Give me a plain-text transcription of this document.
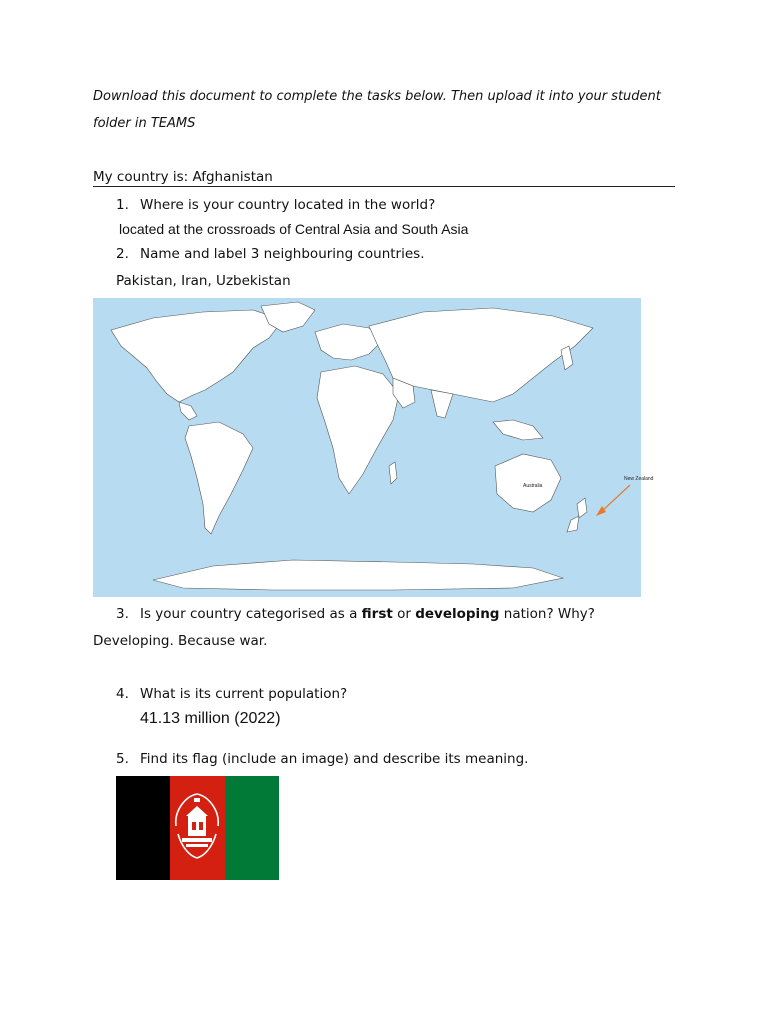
Download this document to complete the tasks below. Then upload it into your student
folder in TEAMS
My country is: Afghanistan
1. Where is your country located in the world?
located at the crossroads of Central Asia and South Asia
2. Name and label 3 neighbouring countries.
Pakistan, Iran, Uzbekistan
Australia
New Zealand
3. Is your country categorised as a first or developing nation? Why?
Developing. Because war.
4. What is its current population?
41.13 million (2022)
5. Find its flag (include an image) and describe its meaning.
